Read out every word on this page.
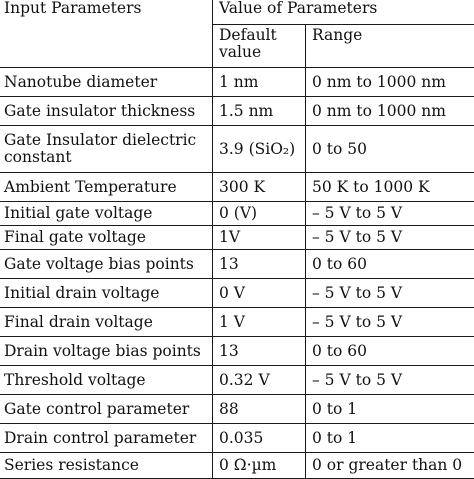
Input Parameters	Value of Parameters	
	Default value	Range
Nanotube diameter	1 nm	0 nm to 1000 nm
Gate insulator thickness	1.5 nm	0 nm to 1000 nm
Gate Insulator dielectric constant	3.9 (SiO₂)	0 to 50
Ambient Temperature	300 K	50 K to 1000 K
Initial gate voltage	0 (V)	– 5 V to 5 V
Final gate voltage	1V	– 5 V to 5 V
Gate voltage bias points	13	0 to 60
Initial drain voltage	0 V	– 5 V to 5 V
Final drain voltage	1 V	– 5 V to 5 V
Drain voltage bias points	13	0 to 60
Threshold voltage	0.32 V	– 5 V to 5 V
Gate control parameter	88	0 to 1
Drain control parameter	0.035	0 to 1
Series resistance	0 Ω·µm	0 or greater than 0
